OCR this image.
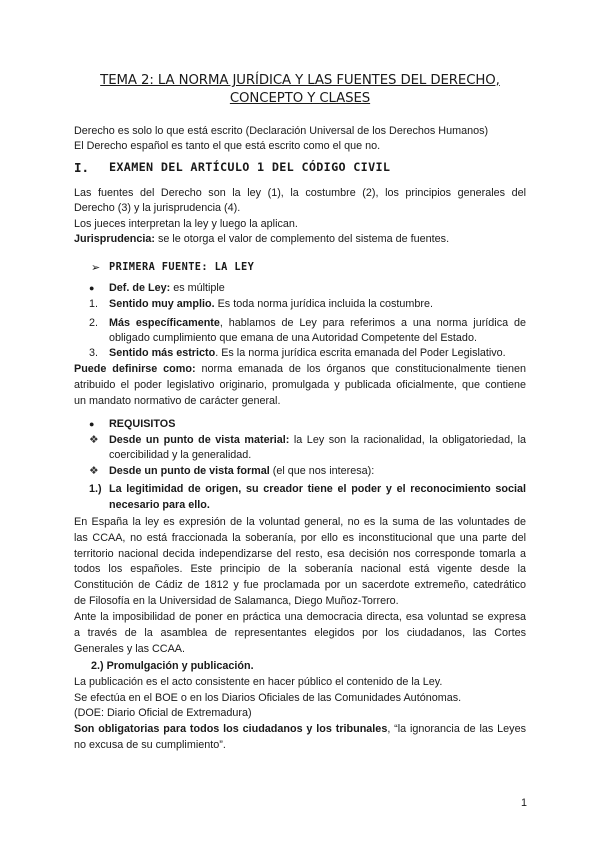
TEMA 2: LA NORMA JURÍDICA Y LAS FUENTES DEL DERECHO,
CONCEPTO Y CLASES
Derecho es solo lo que está escrito (Declaración Universal de los Derechos Humanos)
El Derecho español es tanto el que está escrito como el que no.
I. EXAMEN DEL ARTÍCULO 1 DEL CÓDIGO CIVIL
Las fuentes del Derecho son la ley (1), la costumbre (2), los principios generales del
Derecho (3) y la jurisprudencia (4).
Los jueces interpretan la ley y luego la aplican.
Jurisprudencia: se le otorga el valor de complemento del sistema de fuentes.
➢ PRIMERA FUENTE: LA LEY
● Def. de Ley: es múltiple
1. Sentido muy amplio. Es toda norma jurídica incluida la costumbre.
2. Más específicamente, hablamos de Ley para referimos a una norma jurídica de
obligado cumplimiento que emana de una Autoridad Competente del Estado.
3. Sentido más estricto. Es la norma jurídica escrita emanada del Poder Legislativo.
Puede definirse como: norma emanada de los órganos que constitucionalmente tienen
atribuido el poder legislativo originario, promulgada y publicada oficialmente, que contiene
un mandato normativo de carácter general.
● REQUISITOS
❖ Desde un punto de vista material: la Ley son la racionalidad, la obligatoriedad, la
coercibilidad y la generalidad.
❖ Desde un punto de vista formal (el que nos interesa):
1.) La legitimidad de origen, su creador tiene el poder y el reconocimiento social
necesario para ello.
En España la ley es expresión de la voluntad general, no es la suma de las voluntades de
las CCAA, no está fraccionada la soberanía, por ello es inconstitucional que una parte del
territorio nacional decida independizarse del resto, esa decisión nos corresponde tomarla a
todos los españoles. Este principio de la soberanía nacional está vigente desde la
Constitución de Cádiz de 1812 y fue proclamada por un sacerdote extremeño, catedrático
de Filosofía en la Universidad de Salamanca, Diego Muñoz-Torrero.
Ante la imposibilidad de poner en práctica una democracia directa, esa voluntad se expresa
a través de la asamblea de representantes elegidos por los ciudadanos, las Cortes
Generales y las CCAA.
2.) Promulgación y publicación.
La publicación es el acto consistente en hacer público el contenido de la Ley.
Se efectúa en el BOE o en los Diarios Oficiales de las Comunidades Autónomas.
(DOE: Diario Oficial de Extremadura)
Son obligatorias para todos los ciudadanos y los tribunales, “la ignorancia de las Leyes
no excusa de su cumplimiento”.
1
